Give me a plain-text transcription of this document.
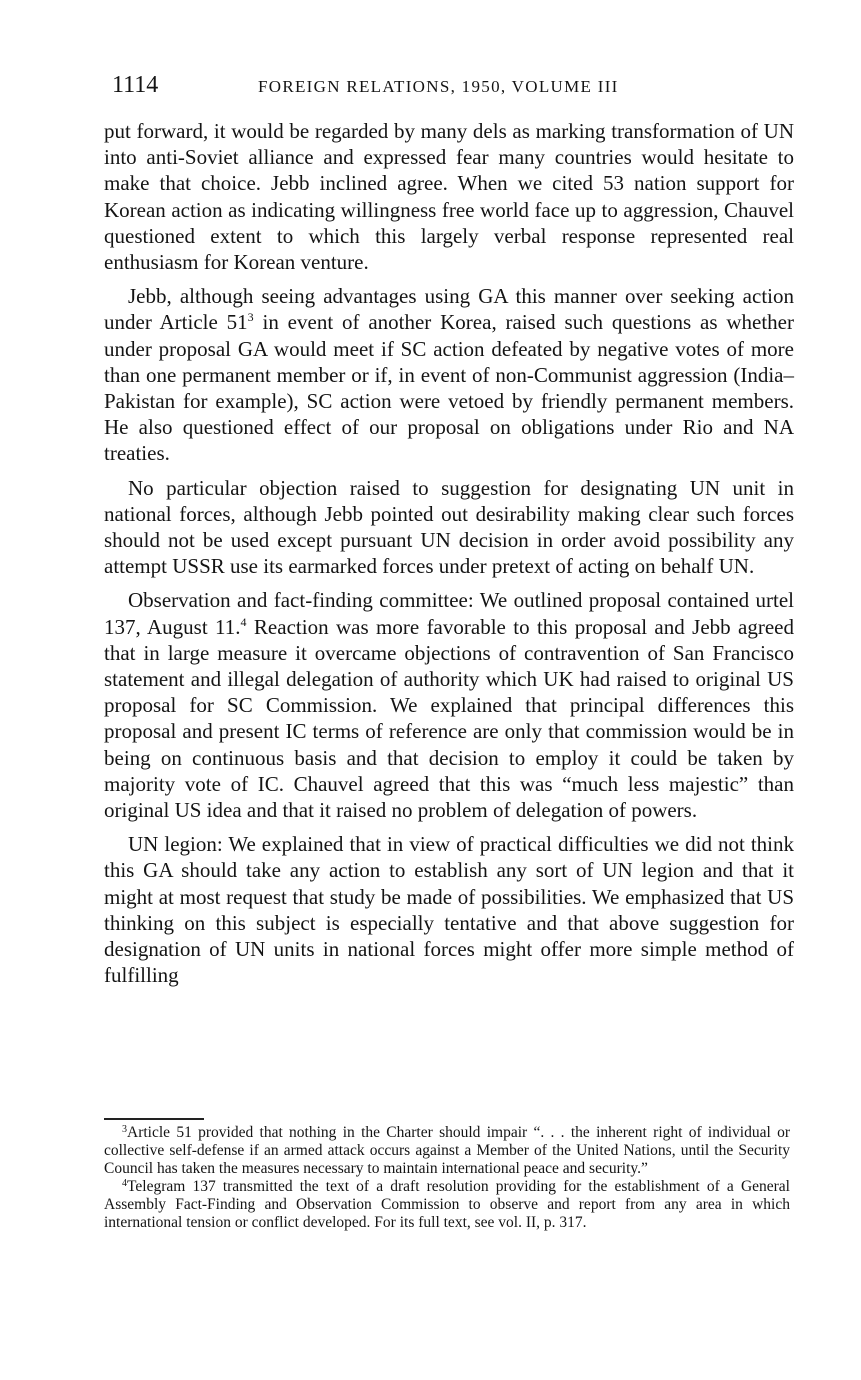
1114	FOREIGN RELATIONS, 1950, VOLUME III

put forward, it would be regarded by many dels as marking transformation of UN into anti-Soviet alliance and expressed fear many countries would hesitate to make that choice. Jebb inclined agree. When we cited 53 nation support for Korean action as indicating willingness free world face up to aggression, Chauvel questioned extent to which this largely verbal response represented real enthusiasm for Korean venture.

Jebb, although seeing advantages using GA this manner over seeking action under Article $51^3$ in event of another Korea, raised such questions as whether under proposal GA would meet if SC action defeated by negative votes of more than one permanent member or if, in event of non-Communist aggression (India–Pakistan for example), SC action were vetoed by friendly permanent members. He also questioned effect of our proposal on obligations under Rio and NA treaties.

No particular objection raised to suggestion for designating UN unit in national forces, although Jebb pointed out desirability making clear such forces should not be used except pursuant UN decision in order avoid possibility any attempt USSR use its earmarked forces under pretext of acting on behalf UN.

Observation and fact-finding committee: We outlined proposal contained urtel 137, August 11.$^4$ Reaction was more favorable to this proposal and Jebb agreed that in large measure it overcame objections of contravention of San Francisco statement and illegal delegation of authority which UK had raised to original US proposal for SC Commission. We explained that principal differences this proposal and present IC terms of reference are only that commission would be in being on continuous basis and that decision to employ it could be taken by majority vote of IC. Chauvel agreed that this was “much less majestic” than original US idea and that it raised no problem of delegation of powers.

UN legion: We explained that in view of practical difficulties we did not think this GA should take any action to establish any sort of UN legion and that it might at most request that study be made of possibilities. We emphasized that US thinking on this subject is especially tentative and that above suggestion for designation of UN units in national forces might offer more simple method of fulfilling

$^3$Article 51 provided that nothing in the Charter should impair “. . . the inherent right of individual or collective self-defense if an armed attack occurs against a Member of the United Nations, until the Security Council has taken the measures necessary to maintain international peace and security.”

$^4$Telegram 137 transmitted the text of a draft resolution providing for the establishment of a General Assembly Fact-Finding and Observation Commission to observe and report from any area in which international tension or conflict developed. For its full text, see vol. II, p. 317.
